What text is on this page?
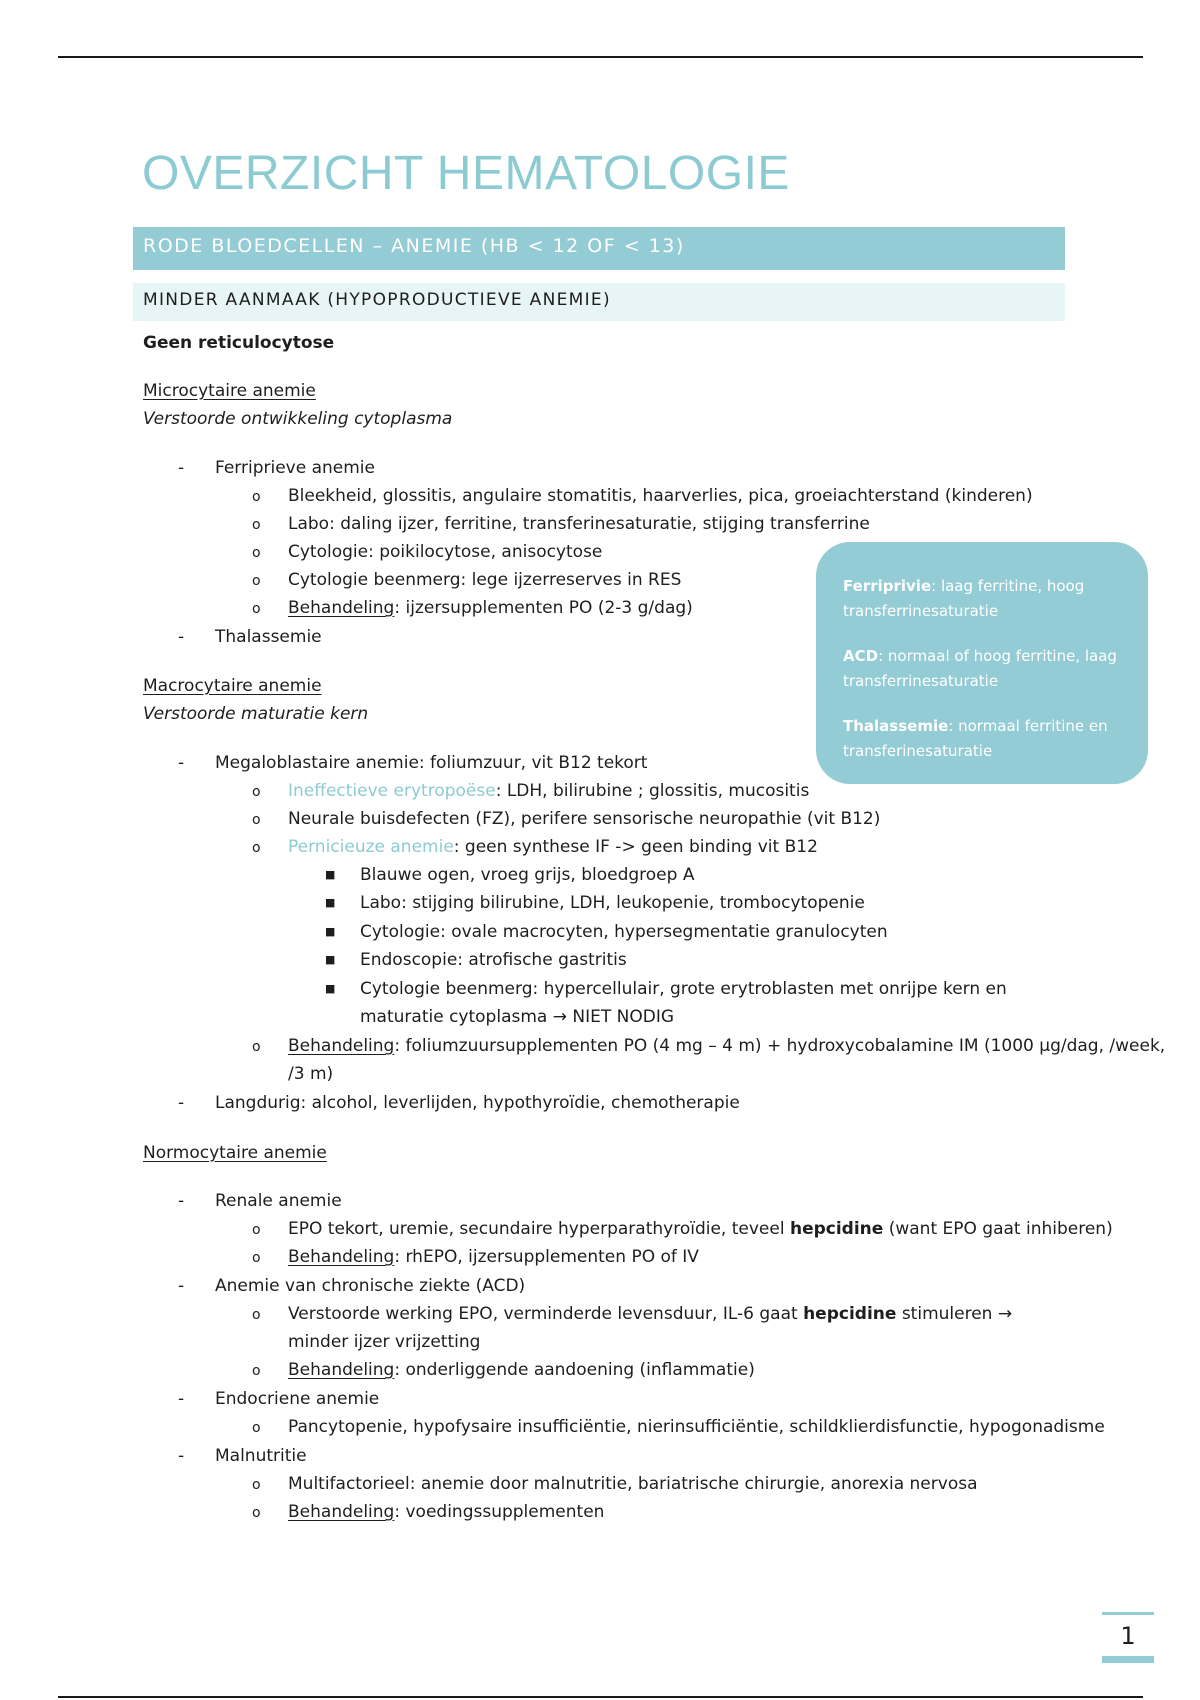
OVERZICHT HEMATOLOGIE
RODE BLOEDCELLEN – ANEMIE (HB < 12 OF < 13)
MINDER AANMAAK (HYPOPRODUCTIEVE ANEMIE)

Geen reticulocytose

Microcytaire anemie

Verstoorde ontwikkeling cytoplasma

-	Ferriprieve anemie

o Bleekheid, glossitis, angulaire stomatitis, haarverlies, pica, groeiachterstand (kinderen)

o Labo: daling ijzer, ferritine, transferinesaturatie, stijging transferrine

o Cytologie: poikilocytose, anisocytose

o Cytologie beenmerg: lege ijzerreserves in RES

o Behandeling: ijzersupplementen PO (2-3 g/dag)

-	Thalassemie

Macrocytaire anemie

Verstoorde maturatie kern

-	Megaloblastaire anemie: foliumzuur, vit B12 tekort

o Ineffectieve erytropoëse: LDH, bilirubine ; glossitis, mucositis

o Neurale buisdefecten (FZ), perifere sensorische neuropathie (vit B12)

o Pernicieuze anemie: geen synthese IF -> geen binding vit B12

■ Blauwe ogen, vroeg grijs, bloedgroep A

■ Labo: stijging bilirubine, LDH, leukopenie, trombocytopenie

■ Cytologie: ovale macrocyten, hypersegmentatie granulocyten

■ Endoscopie: atrofische gastritis

■ Cytologie beenmerg: hypercellulair, grote erytroblasten met onrijpe kern en

maturatie cytoplasma → NIET NODIG

o Behandeling: foliumzuursupplementen PO (4 mg – 4 m) + hydroxycobalamine IM (1000 µg/dag, /week,

/3 m)

-	Langdurig: alcohol, leverlijden, hypothyroïdie, chemotherapie

Normocytaire anemie

-	Renale anemie

o EPO tekort, uremie, secundaire hyperparathyroïdie, teveel hepcidine (want EPO gaat inhiberen)

o Behandeling: rhEPO, ijzersupplementen PO of IV

-	Anemie van chronische ziekte (ACD)

o Verstoorde werking EPO, verminderde levensduur, IL-6 gaat hepcidine stimuleren →

minder ijzer vrijzetting

o Behandeling: onderliggende aandoening (inflammatie)

-	Endocriene anemie

o Pancytopenie, hypofysaire insufficiëntie, nierinsufficiëntie, schildklierdisfunctie, hypogonadisme

-	Malnutritie

o Multifactorieel: anemie door malnutritie, bariatrische chirurgie, anorexia nervosa

o Behandeling: voedingssupplementen

Ferriprivie: laag ferritine, hoog transferrinesaturatie

ACD: normaal of hoog ferritine, laag transferrinesaturatie

Thalassemie: normaal ferritine en transferinesaturatie

1
